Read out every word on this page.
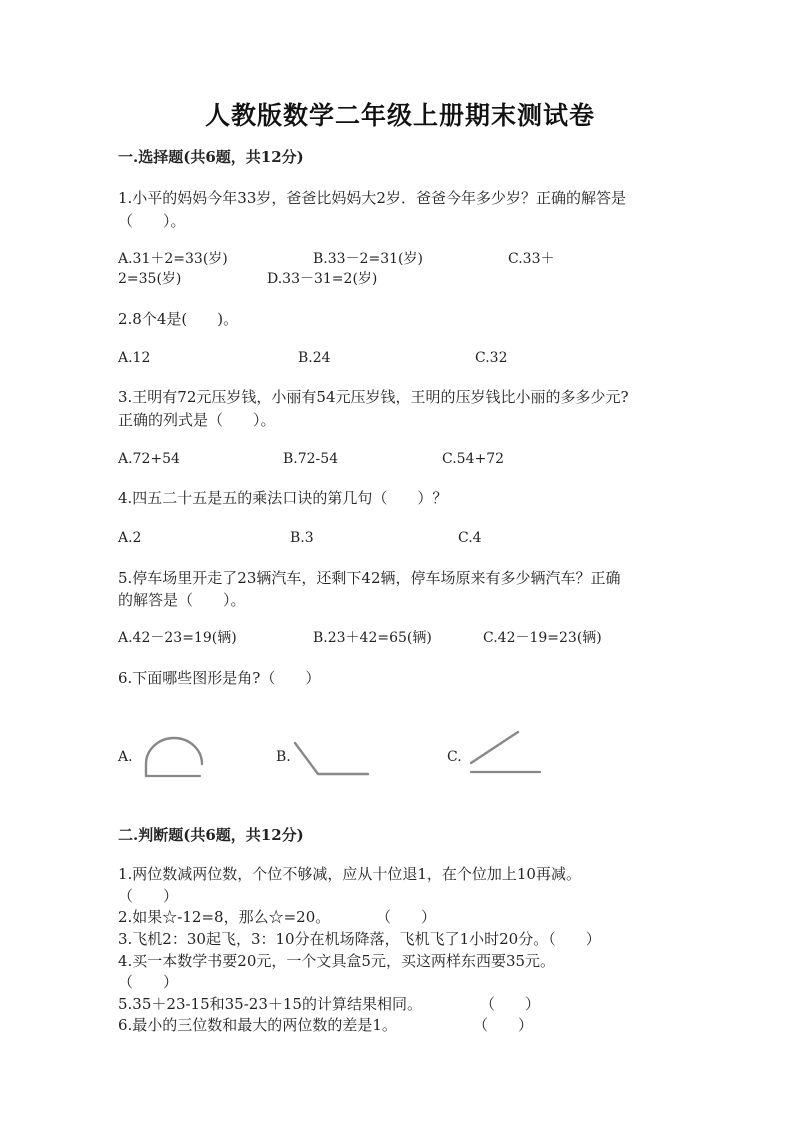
人教版数学二年级上册期末测试卷
一.选择题(共6题，共12分)
1.小平的妈妈今年33岁，爸爸比妈妈大2岁．爸爸今年多少岁？正确的解答是
（　　）。
A.31＋2=33(岁)	B.33－2=31(岁)	C.33＋
2=35(岁)	D.33－31=2(岁)
2.8个4是(　　)。
A.12	B.24	C.32
3.王明有72元压岁钱，小丽有54元压岁钱，王明的压岁钱比小丽的多多少元?
正确的列式是（　　）。
A.72+54	B.72-54	C.54+72
4.四五二十五是五的乘法口诀的第几句（　　）？
A.2	B.3	C.4
5.停车场里开走了23辆汽车，还剩下42辆，停车场原来有多少辆汽车？正确
的解答是（　　）。
A.42－23=19(辆)	B.23＋42=65(辆)	C.42－19=23(辆)
6.下面哪些图形是角?（　　）
A.	B.	C.
二.判断题(共6题，共12分)
1.两位数减两位数，个位不够减，应从十位退1，在个位加上10再减。
（　　）
2.如果☆-12=8，那么☆=20。	（　　）
3.飞机2：30起飞，3：10分在机场降落，飞机飞了1小时20分。（　　）
4.买一本数学书要20元，一个文具盒5元，买这两样东西要35元。
（　　）
5.35＋23-15和35-23＋15的计算结果相同。	（　　）
6.最小的三位数和最大的两位数的差是1。	（　　）
